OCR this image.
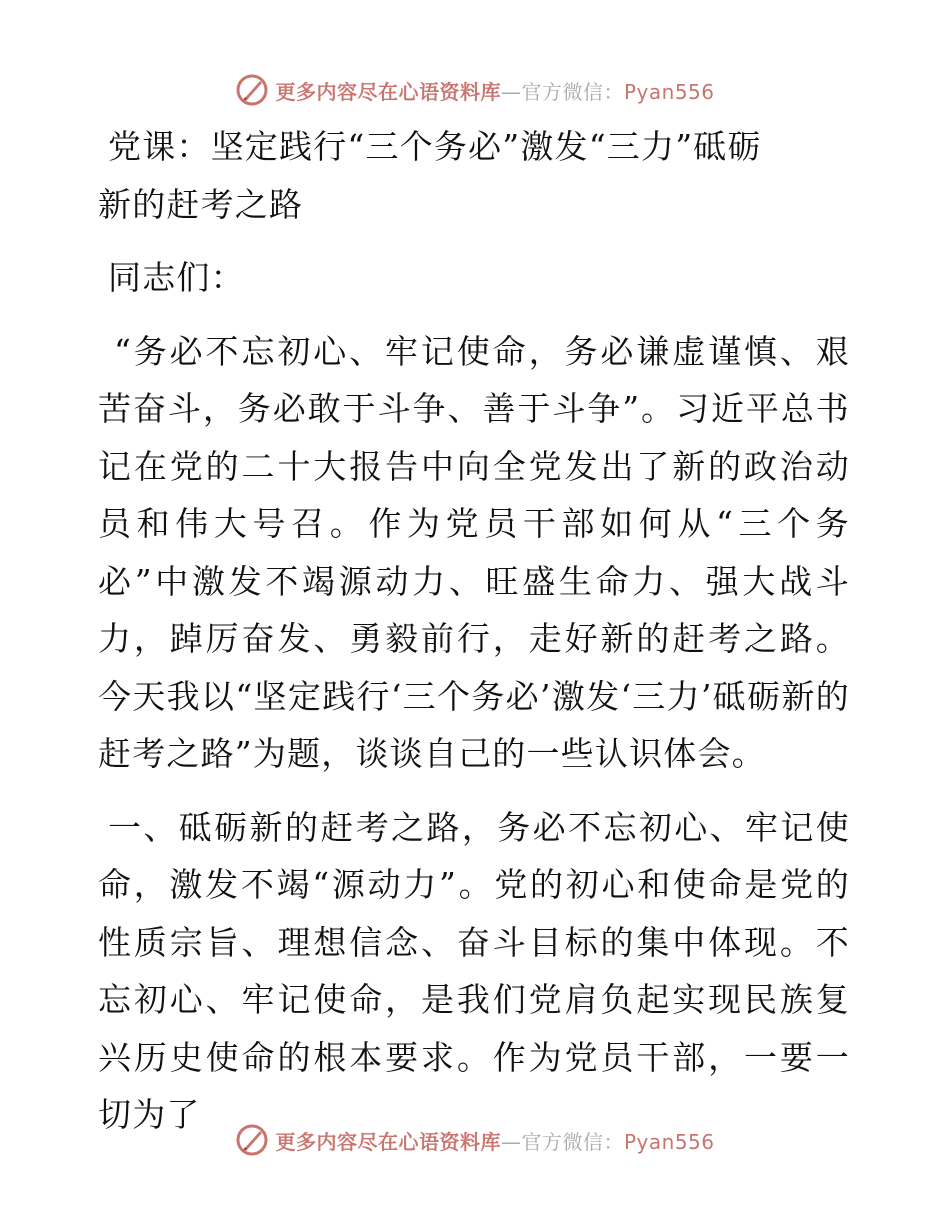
更多内容尽在心语资料库—官方微信：Pyan556

党课：坚定践行“三个务必”激发“三力”砥砺
新的赶考之路

同志们：

“务必不忘初心、牢记使命，务必谦虚谨慎、艰苦奋斗，务必敢于斗争、善于斗争”。习近平总书记在党的二十大报告中向全党发出了新的政治动员和伟大号召。作为党员干部如何从“三个务必”中激发不竭源动力、旺盛生命力、强大战斗力，踔厉奋发、勇毅前行，走好新的赶考之路。今天我以“坚定践行‘三个务必’激发‘三力’砥砺新的赶考之路”为题，谈谈自己的一些认识体会。

一、砥砺新的赶考之路，务必不忘初心、牢记使命，激发不竭“源动力”。党的初心和使命是党的性质宗旨、理想信念、奋斗目标的集中体现。不忘初心、牢记使命，是我们党肩负起实现民族复兴历史使命的根本要求。作为党员干部，一要一切为了

更多内容尽在心语资料库—官方微信：Pyan556
